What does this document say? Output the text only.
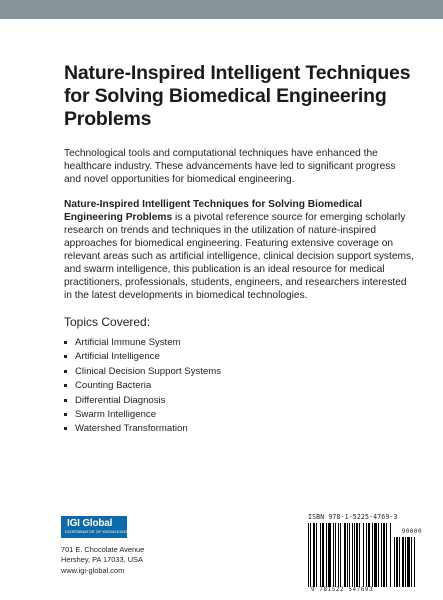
Nature-Inspired Intelligent Techniques for Solving Biomedical Engineering Problems

Technological tools and computational techniques have enhanced the healthcare industry. These advancements have led to significant progress and novel opportunities for biomedical engineering.

Nature-Inspired Intelligent Techniques for Solving Biomedical Engineering Problems is a pivotal reference source for emerging scholarly research on trends and techniques in the utilization of nature-inspired approaches for biomedical engineering. Featuring extensive coverage on relevant areas such as artificial intelligence, clinical decision support systems, and swarm intelligence, this publication is an ideal resource for medical practitioners, professionals, students, engineers, and researchers interested in the latest developments in biomedical technologies.

Topics Covered:
Artificial Immune System
Artificial Intelligence
Clinical Decision Support Systems
Counting Bacteria
Differential Diagnosis
Swarm Intelligence
Watershed Transformation
IGI Global
DISSEMINATOR OF KNOWLEDGE
701 E. Chocolate Avenue
Hershey, PA 17033, USA
www.igi-global.com
ISBN 978-1-5225-4769-3
90000
9 781522 547693
